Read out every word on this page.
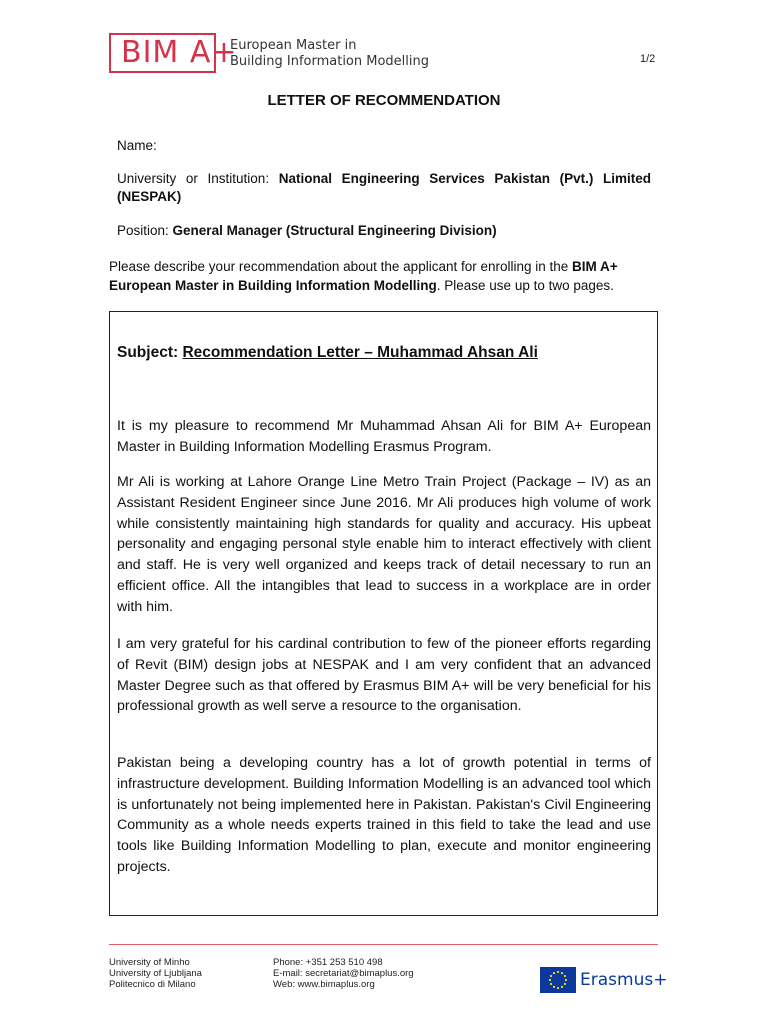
BIM A+
European Master in
Building Information Modelling	1/2
LETTER OF RECOMMENDATION
Name:
University or Institution: National Engineering Services Pakistan (Pvt.) Limited (NESPAK)
Position: General Manager (Structural Engineering Division)
Please describe your recommendation about the applicant for enrolling in the BIM A+ European Master in Building Information Modelling. Please use up to two pages.
Subject: Recommendation Letter – Muhammad Ahsan Ali
It is my pleasure to recommend Mr Muhammad Ahsan Ali for BIM A+ European Master in Building Information Modelling Erasmus Program.
Mr Ali is working at Lahore Orange Line Metro Train Project (Package – IV) as an Assistant Resident Engineer since June 2016. Mr Ali produces high volume of work while consistently maintaining high standards for quality and accuracy. His upbeat personality and engaging personal style enable him to interact effectively with client and staff. He is very well organized and keeps track of detail necessary to run an efficient office. All the intangibles that lead to success in a workplace are in order with him.
I am very grateful for his cardinal contribution to few of the pioneer efforts regarding of Revit (BIM) design jobs at NESPAK and I am very confident that an advanced Master Degree such as that offered by Erasmus BIM A+ will be very beneficial for his professional growth as well serve a resource to the organisation.
Pakistan being a developing country has a lot of growth potential in terms of infrastructure development. Building Information Modelling is an advanced tool which is unfortunately not being implemented here in Pakistan. Pakistan's Civil Engineering Community as a whole needs experts trained in this field to take the lead and use tools like Building Information Modelling to plan, execute and monitor engineering projects.
University of Minho
University of Ljubljana
Politecnico di Milano
Phone: +351 253 510 498
E-mail: secretariat@bimaplus.org
Web: www.bimaplus.org	Erasmus+
